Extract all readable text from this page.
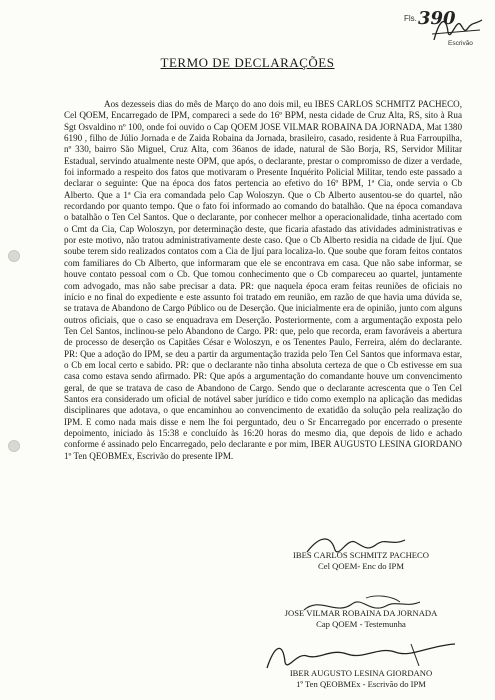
Fls. 390
Escrivão
TERMO DE DECLARAÇÕES

Aos dezesseis dias do mês de Março do ano dois mil, eu IBES CARLOS SCHMITZ PACHECO, Cel QOEM, Encarregado de IPM, compareci a sede do 16º BPM, nesta cidade de Cruz Alta, RS, sito à Rua Sgt Osvaldino nº 100, onde foi ouvido o Cap QOEM JOSE VILMAR ROBAINA DA JORNADA, Mat 1380 6190 , filho de Júlio Jornada e de Zaida Robaina da Jornada, brasileiro, casado, residente à Rua Farroupilha, nº 330, bairro São Miguel, Cruz Alta, com 36anos de idade, natural de São Borja, RS, Servidor Militar Estadual, servindo atualmente neste OPM, que após, o declarante, prestar o compromisso de dizer a verdade, foi informado a respeito dos fatos que motivaram o Presente Inquérito Policial Militar, tendo este passado a declarar o seguinte: Que na época dos fatos pertencia ao efetivo do 16º BPM, 1ª Cia, onde servia o Cb Alberto. Que a 1ª Cia era comandada pelo Cap Woloszyn. Que o Cb Alberto ausentou-se do quartel, não recordando por quanto tempo. Que o fato foi informado ao comando do batalhão. Que na época comandava o batalhão o Ten Cel Santos. Que o declarante, por conhecer melhor a operacionalidade, tinha acertado com o Cmt da Cia, Cap Woloszyn, por determinação deste, que ficaria afastado das atividades administrativas e por este motivo, não tratou administrativamente deste caso. Que o Cb Alberto residia na cidade de Ijuí. Que soube terem sido realizados contatos com a Cia de Ijuí para localiza-lo. Que soube que foram feitos contatos com familiares do Cb Alberto, que informaram que ele se encontrava em casa. Que não sabe informar, se houve contato pessoal com o Cb. Que tomou conhecimento que o Cb compareceu ao quartel, juntamente com advogado, mas não sabe precisar a data. PR: que naquela época eram feitas reuniões de oficiais no início e no final do expediente e este assunto foi tratado em reunião, em razão de que havia uma dúvida se, se tratava de Abandono de Cargo Público ou de Deserção. Que inicialmente era de opinião, junto com alguns outros oficiais, que o caso se enquadrava em Deserção. Posteriormente, com a argumentação exposta pelo Ten Cel Santos, inclinou-se pelo Abandono de Cargo. PR: que, pelo que recorda, eram favoráveis a abertura de processo de deserção os Capitães César e Woloszyn, e os Tenentes Paulo, Ferreira, além do declarante. PR: Que a adoção do IPM, se deu a partir da argumentação trazida pelo Ten Cel Santos que informava estar, o Cb em local certo e sabido. PR: que o declarante não tinha absoluta certeza de que o Cb estivesse em sua casa como estava sendo afirmado. PR: Que após a argumentação do comandante houve um convencimento geral, de que se tratava de caso de Abandono de Cargo. Sendo que o declarante acrescenta que o Ten Cel Santos era considerado um oficial de notável saber jurídico e tido como exemplo na aplicação das medidas disciplinares que adotava, o que encaminhou ao convencimento de exatidão da solução pela realização do IPM. E como nada mais disse e nem lhe foi perguntado, deu o Sr Encarregado por encerrado o presente depoimento, iniciado às 15:38 e concluído às 16:20 horas do mesmo dia, que depois de lido e achado conforme é assinado pelo Encarregado, pelo declarante e por mim, IBER AUGUSTO LESINA GIORDANO 1º Ten QEOBMEx, Escrivão do presente IPM.

IBES CARLOS SCHMITZ PACHECO
Cel QOEM- Enc do IPM
JOSE VILMAR ROBAINA DA JORNADA
Cap QOEM - Testemunha
IBER AUGUSTO LESINA GIORDANO
1º Ten QEOBMEx - Escrivão do IPM
